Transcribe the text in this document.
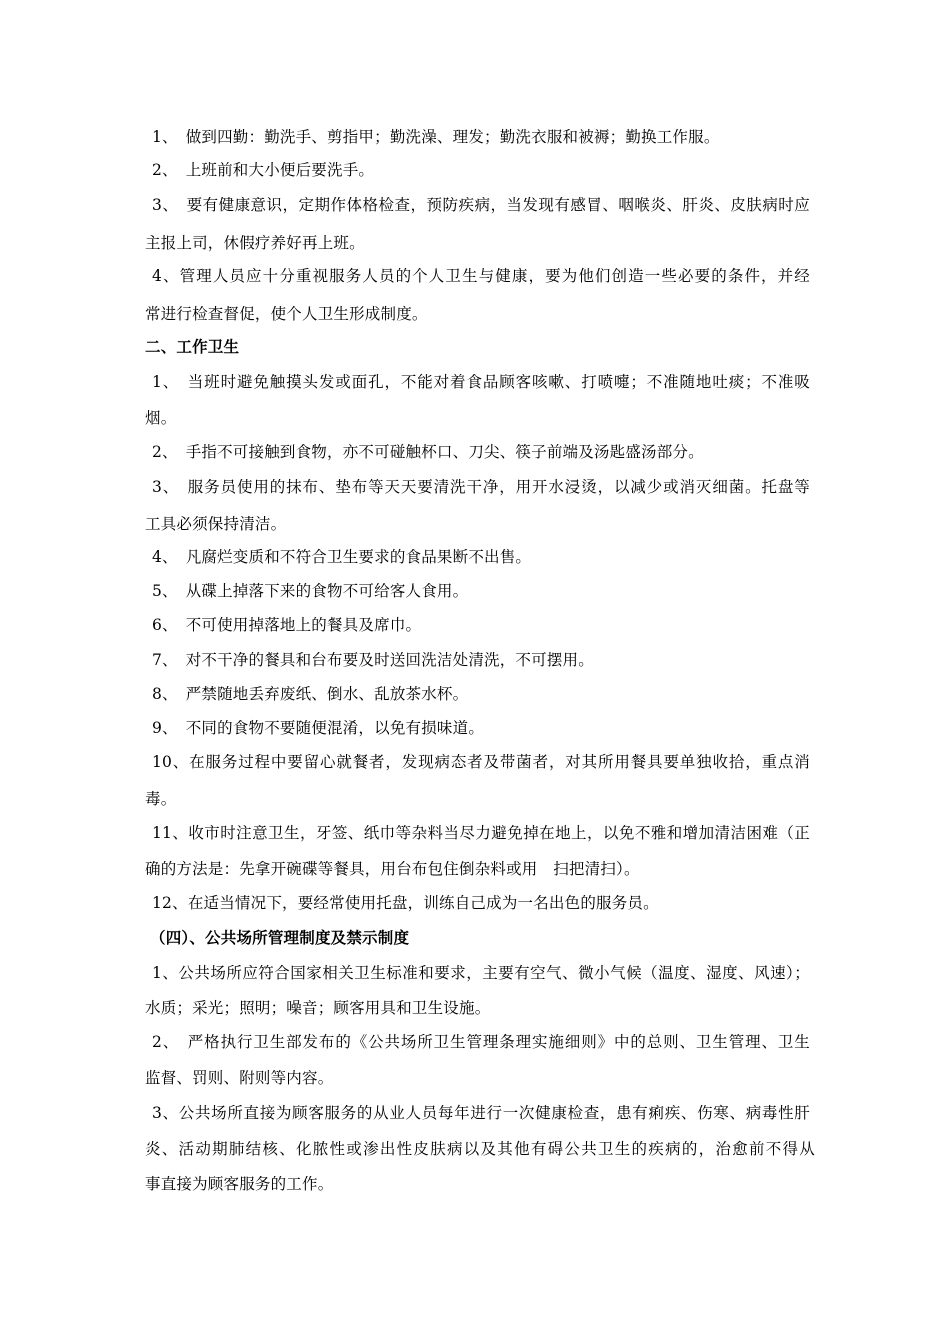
1、　做到四勤：勤洗手、剪指甲；勤洗澡、理发；勤洗衣服和被褥；勤换工作服。
2、　上班前和大小便后要洗手。
3、　要有健康意识，定期作体格检查，预防疾病，当发现有感冒、咽喉炎、肝炎、皮肤病时应
主报上司，休假疗养好再上班。
4、管理人员应十分重视服务人员的个人卫生与健康，要为他们创造一些必要的条件，并经
常进行检查督促，使个人卫生形成制度。
二、工作卫生
1、　当班时避免触摸头发或面孔，不能对着食品顾客咳嗽、打喷嚏；不准随地吐痰；不准吸
烟。
2、　手指不可接触到食物，亦不可碰触杯口、刀尖、筷子前端及汤匙盛汤部分。
3、　服务员使用的抹布、垫布等天天要清洗干净，用开水浸烫，以减少或消灭细菌。托盘等
工具必须保持清洁。
4、　凡腐烂变质和不符合卫生要求的食品果断不出售。
5、　从碟上掉落下来的食物不可给客人食用。
6、　不可使用掉落地上的餐具及席巾。
7、　对不干净的餐具和台布要及时送回洗洁处清洗，不可摆用。
8、　严禁随地丢弃废纸、倒水、乱放茶水杯。
9、　不同的食物不要随便混淆，以免有损味道。
10、在服务过程中要留心就餐者，发现病态者及带菌者，对其所用餐具要单独收拾，重点消
毒。
11、收市时注意卫生，牙签、纸巾等杂料当尽力避免掉在地上，以免不雅和增加清洁困难（正
确的方法是：先拿开碗碟等餐具，用台布包住倒杂料或用　扫把清扫）。
12、在适当情况下，要经常使用托盘，训练自己成为一名出色的服务员。
（四）、公共场所管理制度及禁示制度
1、公共场所应符合国家相关卫生标准和要求，主要有空气、微小气候（温度、湿度、风速）；
水质；采光；照明；噪音；顾客用具和卫生设施。
2、　严格执行卫生部发布的《公共场所卫生管理条理实施细则》中的总则、卫生管理、卫生
监督、罚则、附则等内容。
3、公共场所直接为顾客服务的从业人员每年进行一次健康检查，患有痢疾、伤寒、病毒性肝
炎、活动期肺结核、化脓性或渗出性皮肤病以及其他有碍公共卫生的疾病的，治愈前不得从
事直接为顾客服务的工作。
